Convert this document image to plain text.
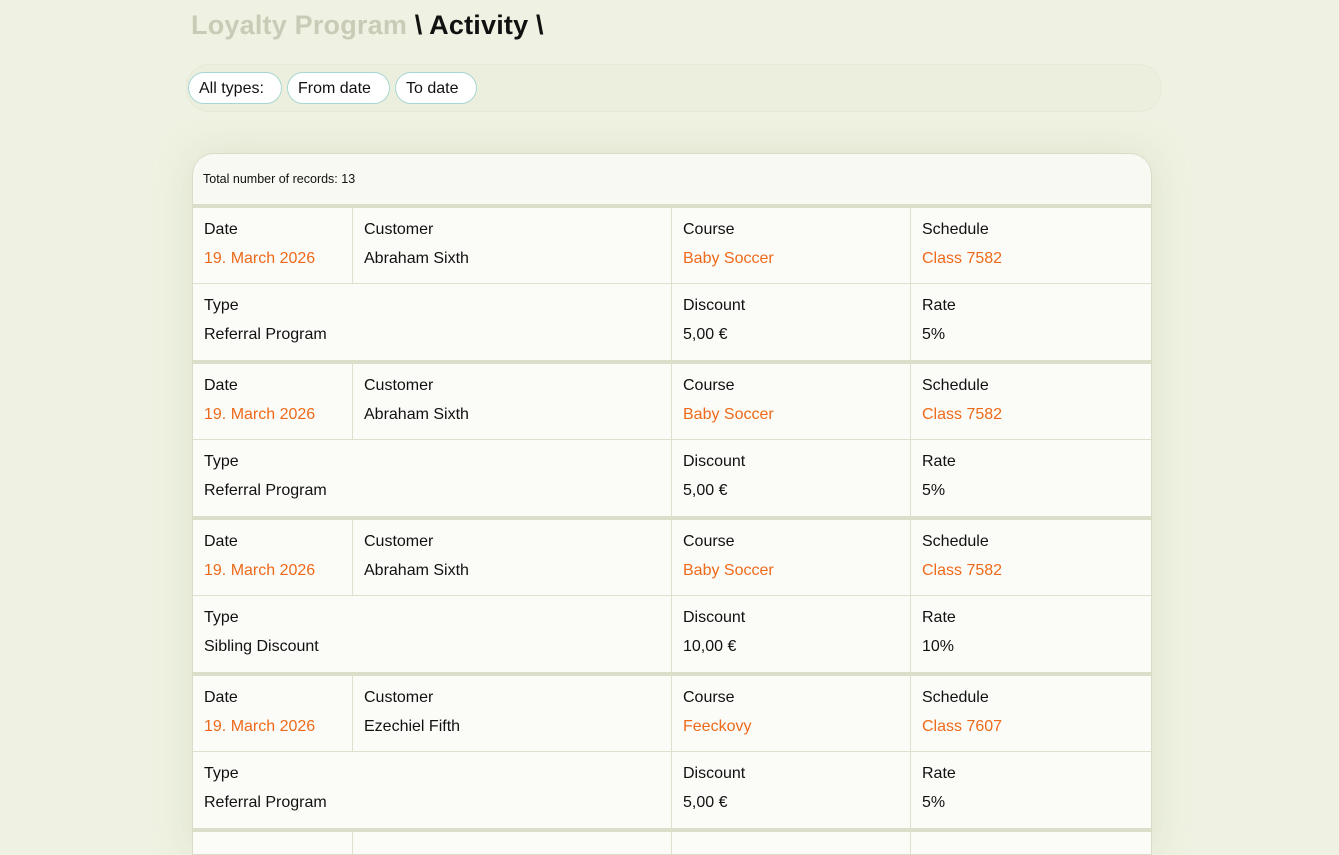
Loyalty Program \ Activity \
All types:	From date	To date
Total number of records: 13
Date
19. March 2026
Customer
Abraham Sixth
Course
Baby Soccer
Schedule
Class 7582
Type
Referral Program
Discount
5,00 €
Rate
5%
Date
19. March 2026
Customer
Abraham Sixth
Course
Baby Soccer
Schedule
Class 7582
Type
Referral Program
Discount
5,00 €
Rate
5%
Date
19. March 2026
Customer
Abraham Sixth
Course
Baby Soccer
Schedule
Class 7582
Type
Sibling Discount
Discount
10,00 €
Rate
10%
Date
19. March 2026
Customer
Ezechiel Fifth
Course
Feeckovy
Schedule
Class 7607
Type
Referral Program
Discount
5,00 €
Rate
5%
